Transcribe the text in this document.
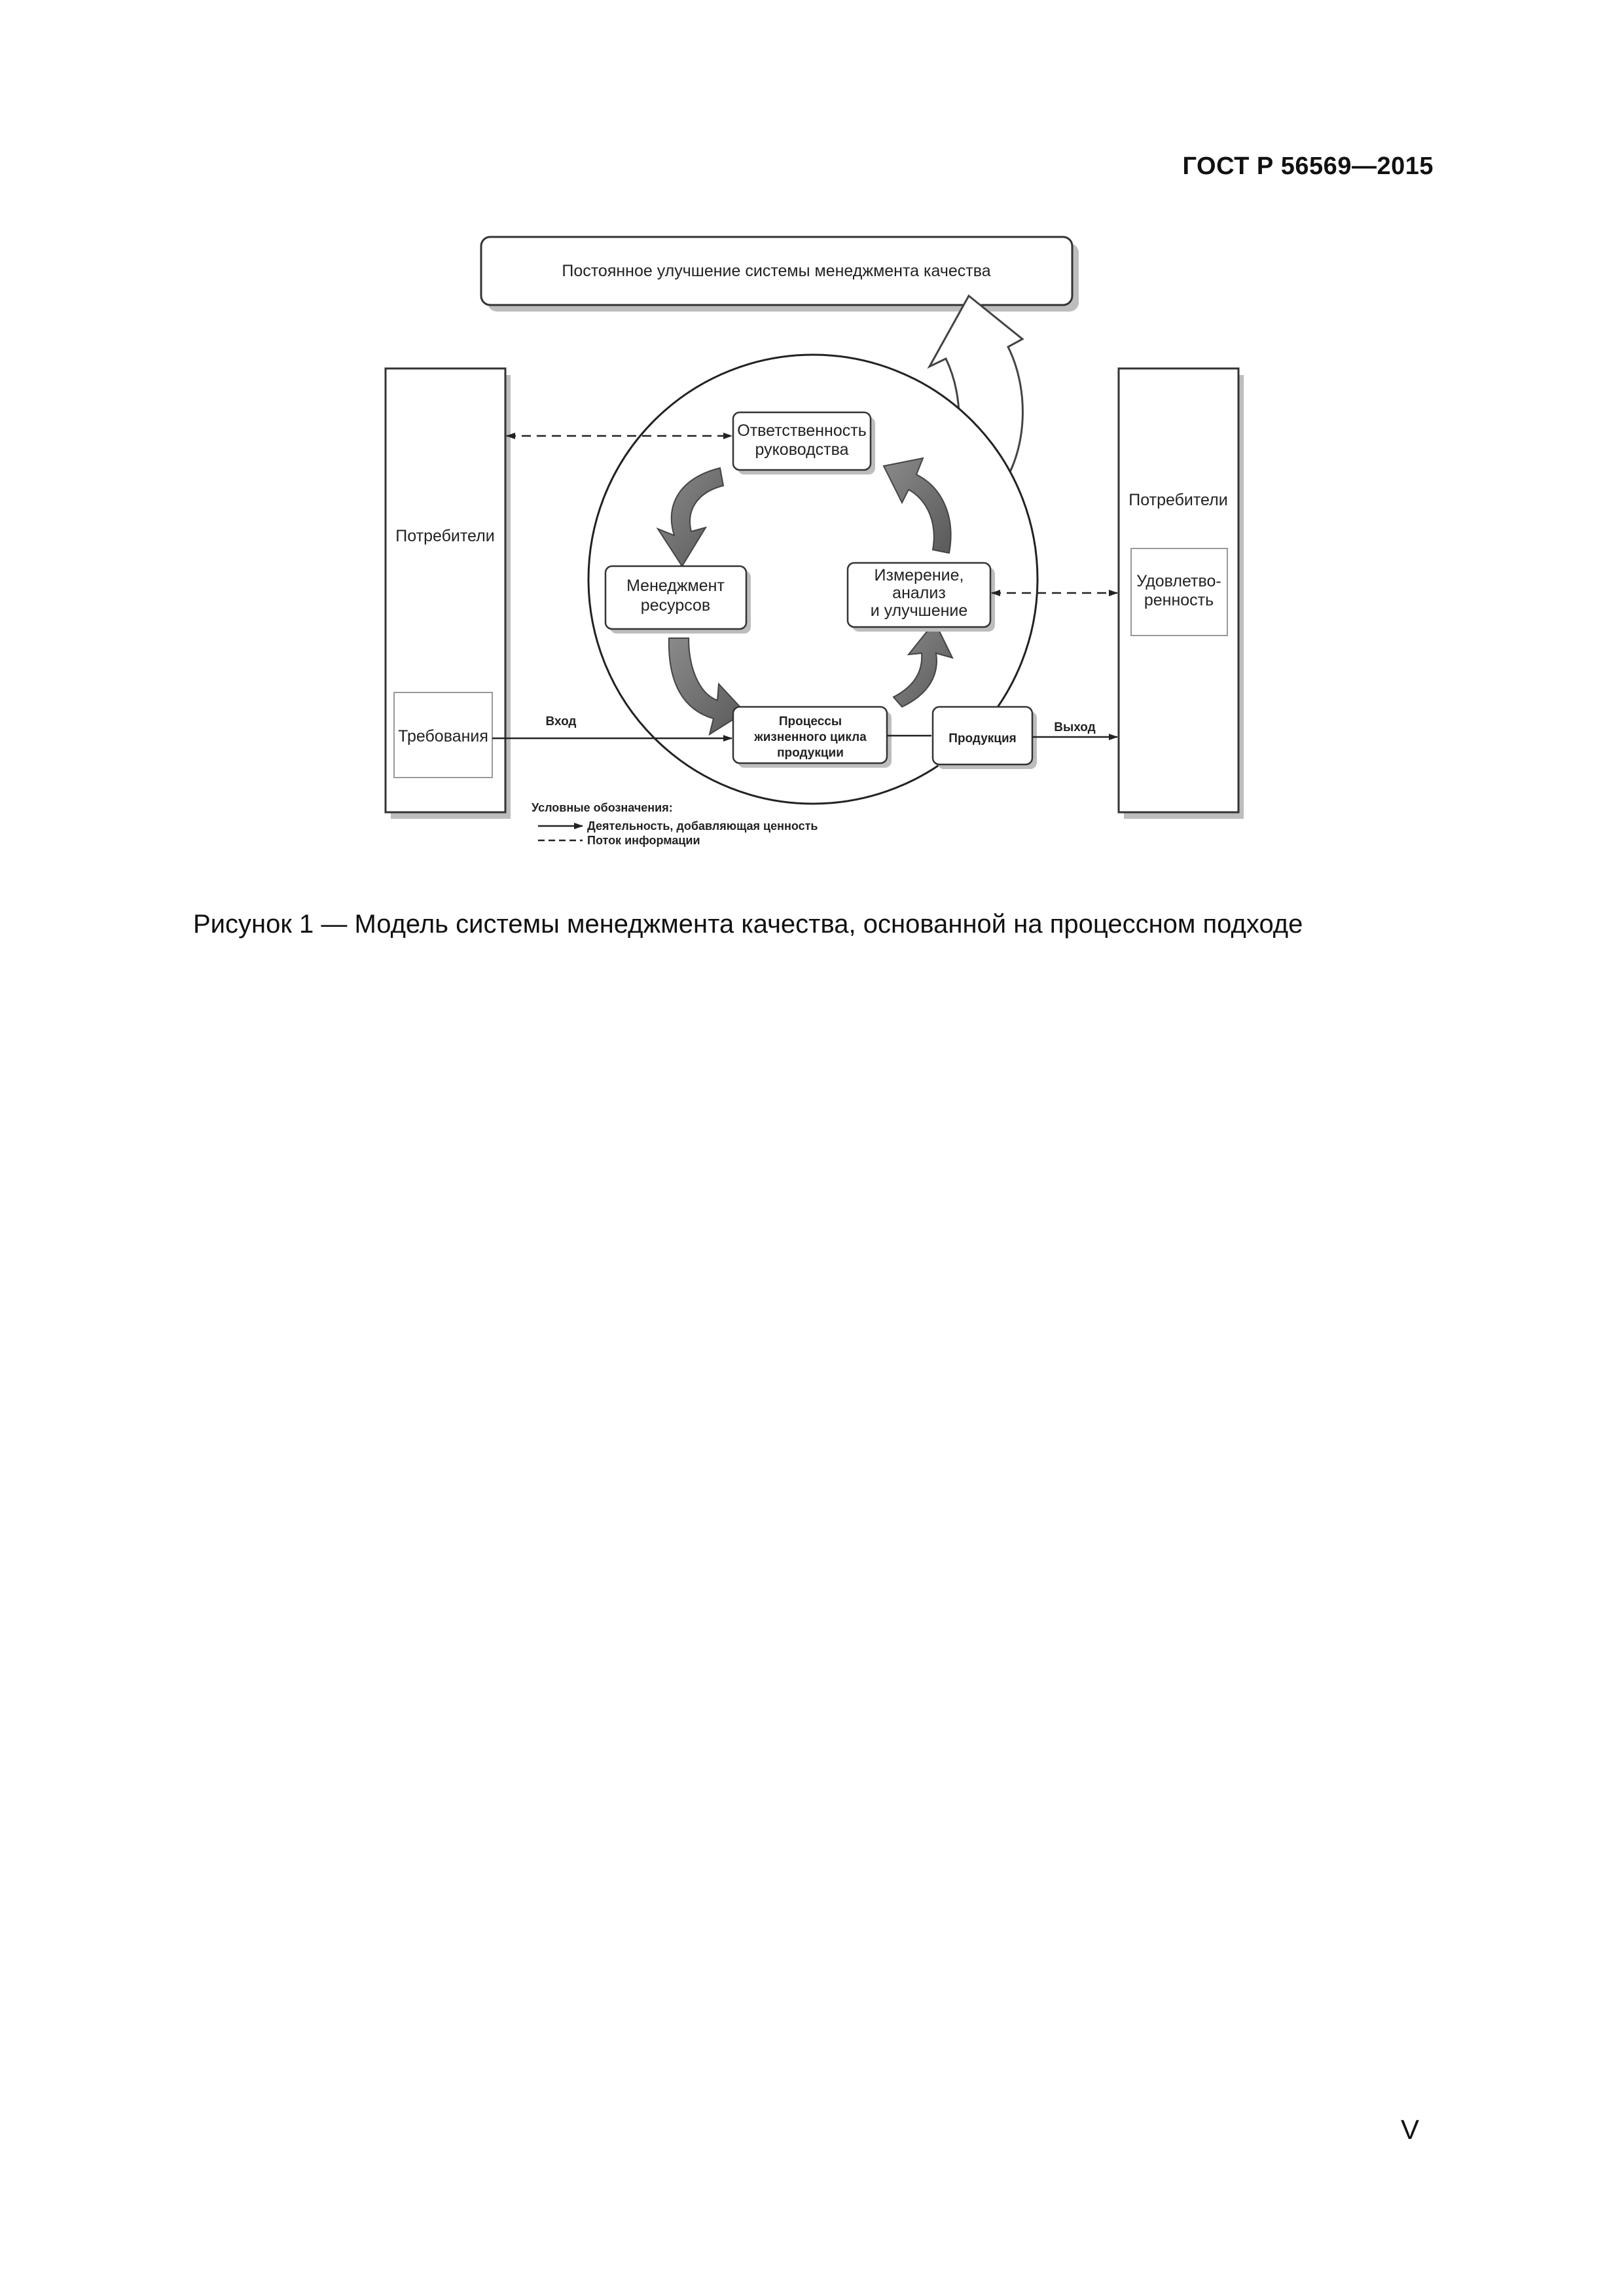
ГОСТ Р 56569—2015
Постоянное улучшение системы менеджмента качества
Потребители
Требования
Потребители
Удовлетво-
ренность
Ответственность
руководства
Менеджмент
ресурсов
Измерение,
анализ
и улучшение
Процессы
жизненного цикла
продукции
Продукция
Вход	Выход
Условные обозначения:
Деятельность, добавляющая ценность
Поток информации
Рисунок 1 — Модель системы менеджмента качества, основанной на процессном подходе
V
